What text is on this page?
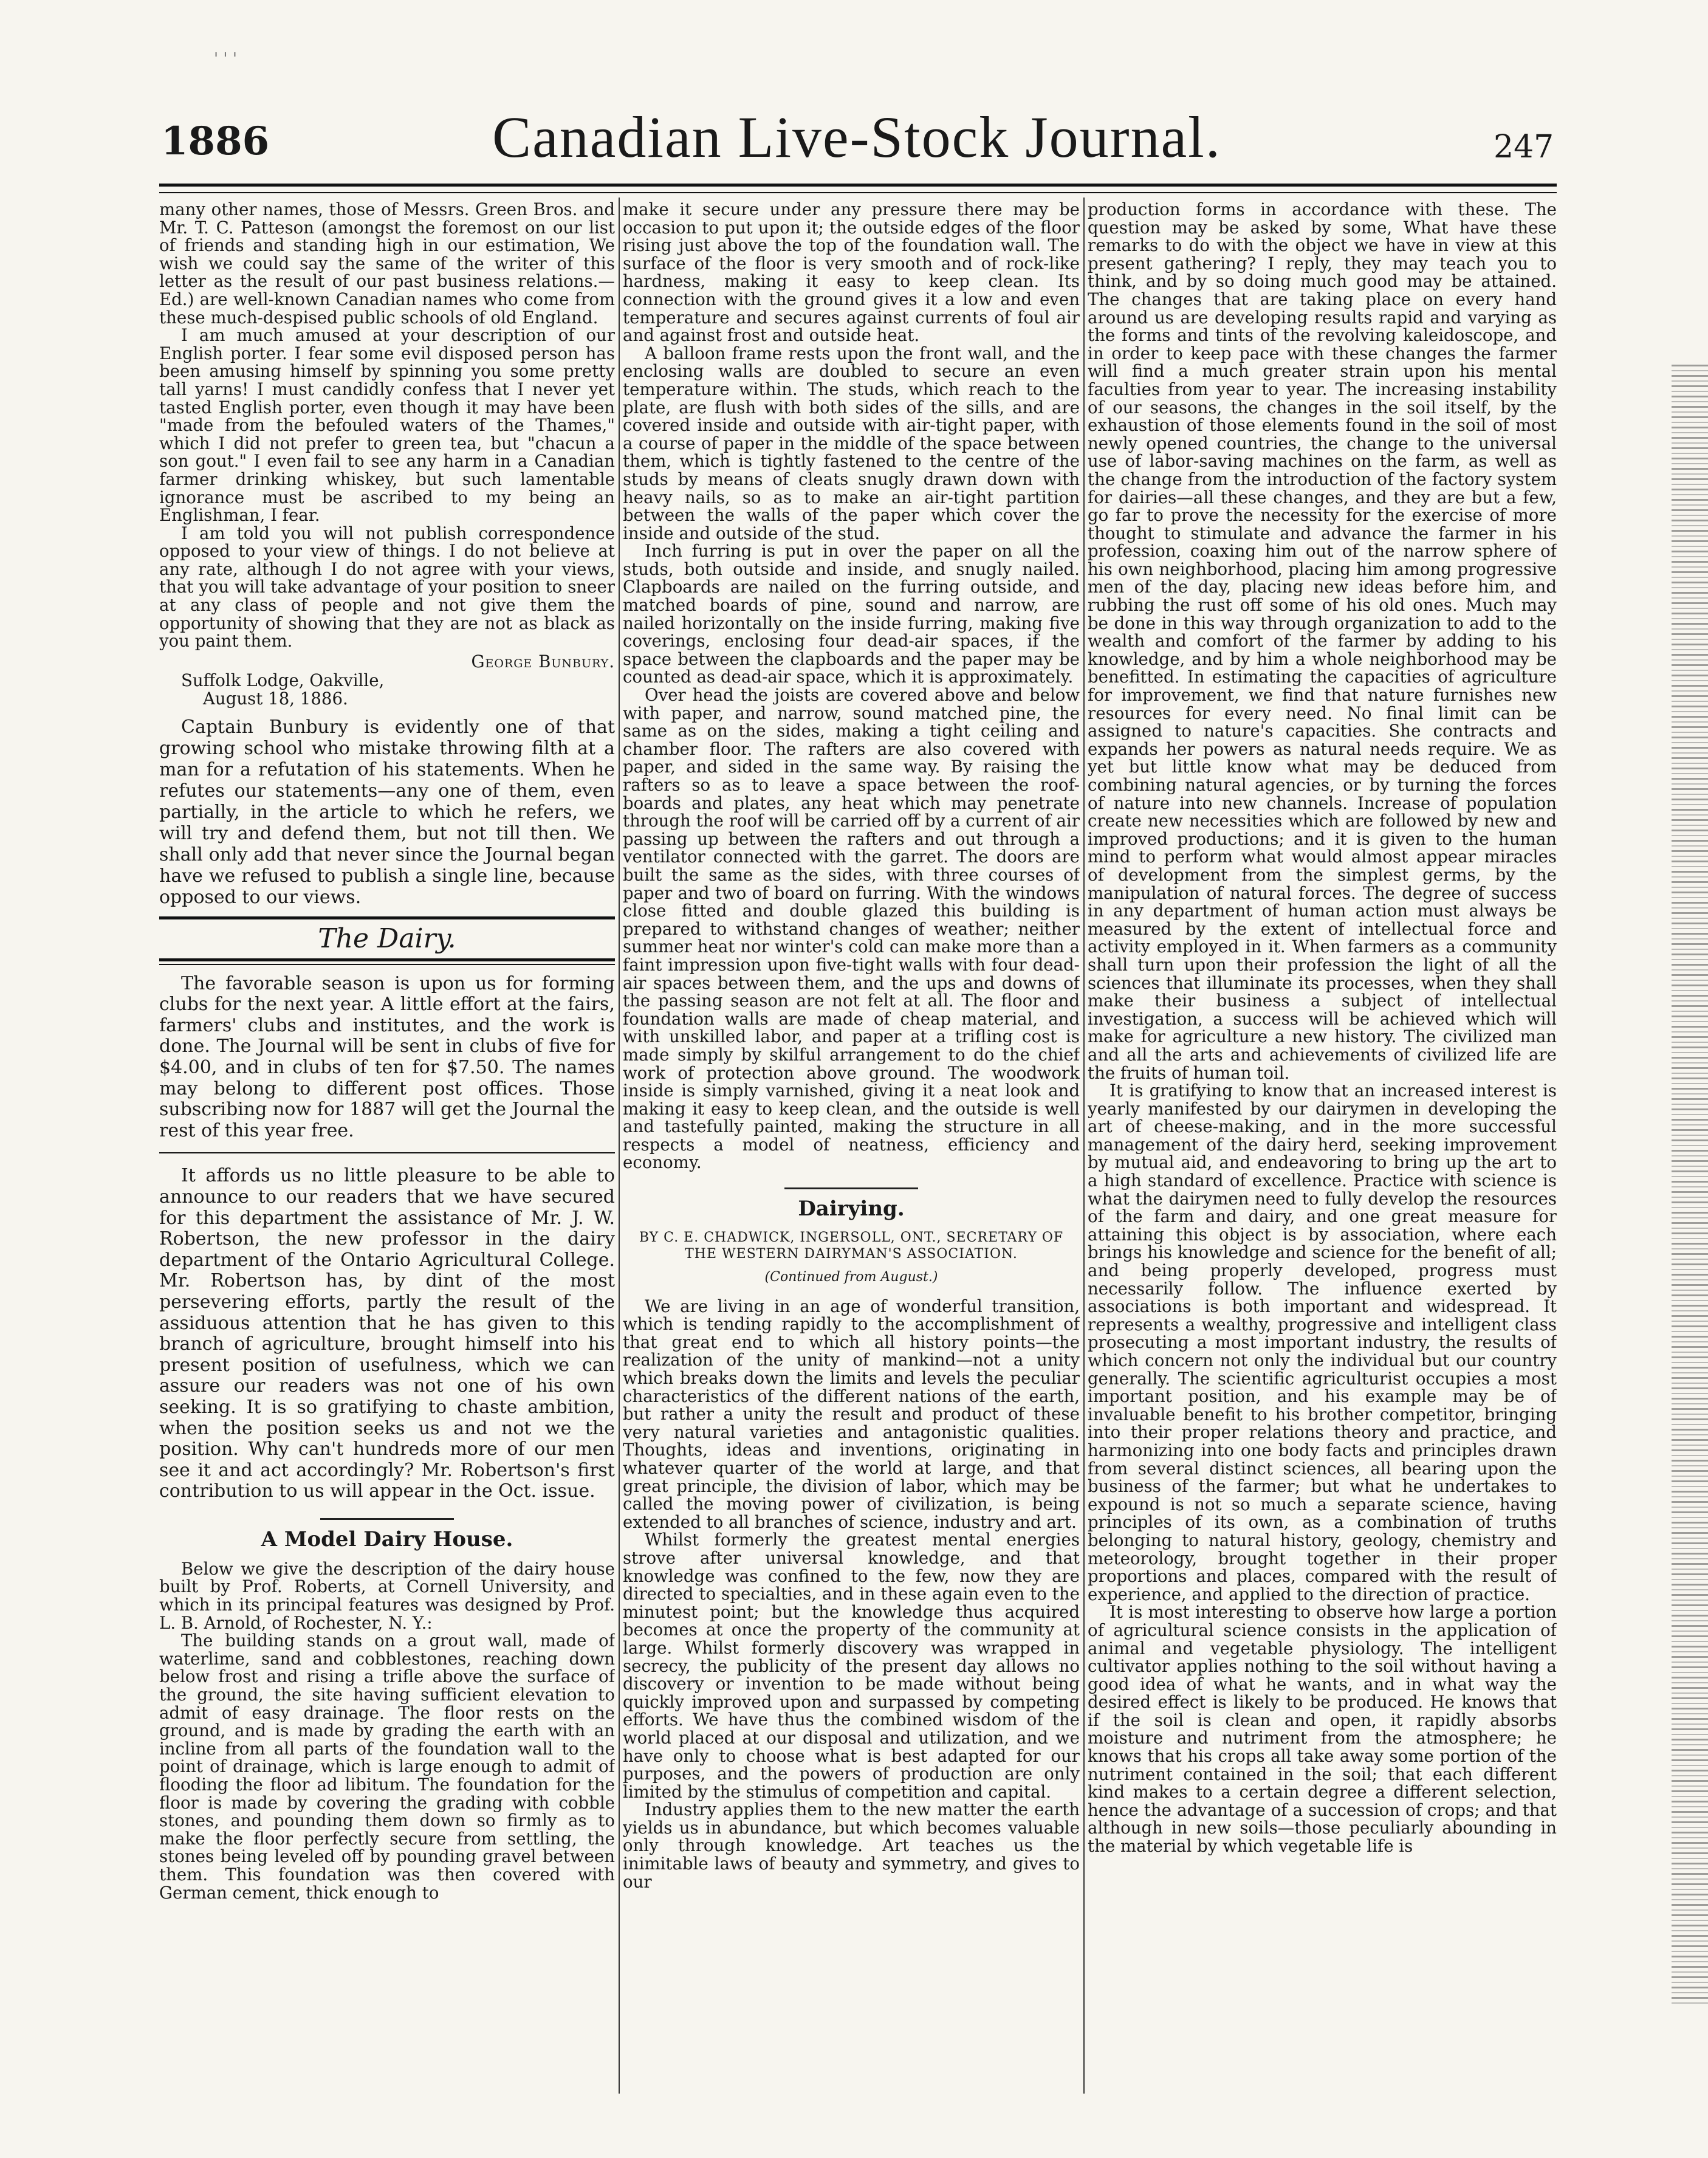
' ' '
1886	Canadian Live-Stock Journal.	247

many other names, those of Messrs. Green Bros. and Mr. T. C. Patteson (amongst the foremost on our list of friends and standing high in our estimation, We wish we could say the same of the writer of this letter as the result of our past business relations.—Ed.) are well-known Canadian names who come from these much-despised public schools of old England.

I am much amused at your description of our English porter. I fear some evil disposed person has been amusing himself by spinning you some pretty tall yarns! I must candidly confess that I never yet tasted English porter, even though it may have been "made from the befouled waters of the Thames," which I did not prefer to green tea, but "chacun a son gout." I even fail to see any harm in a Canadian farmer drinking whiskey, but such lamentable ignorance must be ascribed to my being an Englishman, I fear.

I am told you will not publish correspondence opposed to your view of things. I do not believe at any rate, although I do not agree with your views, that you will take advantage of your position to sneer at any class of people and not give them the opportunity of showing that they are not as black as you paint them.

George Bunbury.

Suffolk Lodge, Oakville,

August 18, 1886.

Captain Bunbury is evidently one of that growing school who mistake throwing filth at a man for a refutation of his statements. When he refutes our statements—any one of them, even partially, in the article to which he refers, we will try and defend them, but not till then. We shall only add that never since the Journal began have we refused to publish a single line, because opposed to our views.

The Dairy.

The favorable season is upon us for forming clubs for the next year. A little effort at the fairs, farmers' clubs and institutes, and the work is done. The Journal will be sent in clubs of five for $4.00, and in clubs of ten for $7.50. The names may belong to different post offices. Those subscribing now for 1887 will get the Journal the rest of this year free.

It affords us no little pleasure to be able to announce to our readers that we have secured for this department the assistance of Mr. J. W. Robertson, the new professor in the dairy department of the Ontario Agricultural College. Mr. Robertson has, by dint of the most persevering efforts, partly the result of the assiduous attention that he has given to this branch of agriculture, brought himself into his present position of usefulness, which we can assure our readers was not one of his own seeking. It is so gratifying to chaste ambition, when the position seeks us and not we the position. Why can't hundreds more of our men see it and act accordingly? Mr. Robertson's first contribution to us will appear in the Oct. issue.

A Model Dairy House.

Below we give the description of the dairy house built by Prof. Roberts, at Cornell University, and which in its principal features was designed by Prof. L. B. Arnold, of Rochester, N. Y.:

The building stands on a grout wall, made of waterlime, sand and cobblestones, reaching down below frost and rising a trifle above the surface of the ground, the site having sufficient elevation to admit of easy drainage. The floor rests on the ground, and is made by grading the earth with an incline from all parts of the foundation wall to the point of drainage, which is large enough to admit of flooding the floor ad libitum. The foundation for the floor is made by covering the grading with cobble stones, and pounding them down so firmly as to make the floor perfectly secure from settling, the stones being leveled off by pounding gravel between them. This foundation was then covered with German cement, thick enough to

make it secure under any pressure there may be occasion to put upon it; the outside edges of the floor rising just above the top of the foundation wall. The surface of the floor is very smooth and of rock-like hardness, making it easy to keep clean. Its connection with the ground gives it a low and even temperature and secures against currents of foul air and against frost and outside heat.

A balloon frame rests upon the front wall, and the enclosing walls are doubled to secure an even temperature within. The studs, which reach to the plate, are flush with both sides of the sills, and are covered inside and outside with air-tight paper, with a course of paper in the middle of the space between them, which is tightly fastened to the centre of the studs by means of cleats snugly drawn down with heavy nails, so as to make an air-tight partition between the walls of the paper which cover the inside and outside of the stud.

Inch furring is put in over the paper on all the studs, both outside and inside, and snugly nailed. Clapboards are nailed on the furring outside, and matched boards of pine, sound and narrow, are nailed horizontally on the inside furring, making five coverings, enclosing four dead-air spaces, if the space between the clapboards and the paper may be counted as dead-air space, which it is approximately.

Over head the joists are covered above and below with paper, and narrow, sound matched pine, the same as on the sides, making a tight ceiling and chamber floor. The rafters are also covered with paper, and sided in the same way. By raising the rafters so as to leave a space between the roof-boards and plates, any heat which may penetrate through the roof will be carried off by a current of air passing up between the rafters and out through a ventilator connected with the garret. The doors are built the same as the sides, with three courses of paper and two of board on furring. With the windows close fitted and double glazed this building is prepared to withstand changes of weather; neither summer heat nor winter's cold can make more than a faint impression upon five-tight walls with four dead-air spaces between them, and the ups and downs of the passing season are not felt at all. The floor and foundation walls are made of cheap material, and with unskilled labor, and paper at a trifling cost is made simply by skilful arrangement to do the chief work of protection above ground. The woodwork inside is simply varnished, giving it a neat look and making it easy to keep clean, and the outside is well and tastefully painted, making the structure in all respects a model of neatness, efficiency and economy.

Dairying.

BY C. E. CHADWICK, INGERSOLL, ONT., SECRETARY OF THE WESTERN DAIRYMAN'S ASSOCIATION.

(Continued from August.)

We are living in an age of wonderful transition, which is tending rapidly to the accomplishment of that great end to which all history points—the realization of the unity of mankind—not a unity which breaks down the limits and levels the peculiar characteristics of the different nations of the earth, but rather a unity the result and product of these very natural varieties and antagonistic qualities. Thoughts, ideas and inventions, originating in whatever quarter of the world at large, and that great principle, the division of labor, which may be called the moving power of civilization, is being extended to all branches of science, industry and art.

Whilst formerly the greatest mental energies strove after universal knowledge, and that knowledge was confined to the few, now they are directed to specialties, and in these again even to the minutest point; but the knowledge thus acquired becomes at once the property of the community at large. Whilst formerly discovery was wrapped in secrecy, the publicity of the present day allows no discovery or invention to be made without being quickly improved upon and surpassed by competing efforts. We have thus the combined wisdom of the world placed at our disposal and utilization, and we have only to choose what is best adapted for our purposes, and the powers of production are only limited by the stimulus of competition and capital.

Industry applies them to the new matter the earth yields us in abundance, but which becomes valuable only through knowledge. Art teaches us the inimitable laws of beauty and symmetry, and gives to our

production forms in accordance with these. The question may be asked by some, What have these remarks to do with the object we have in view at this present gathering? I reply, they may teach you to think, and by so doing much good may be attained. The changes that are taking place on every hand around us are developing results rapid and varying as the forms and tints of the revolving kaleidoscope, and in order to keep pace with these changes the farmer will find a much greater strain upon his mental faculties from year to year. The increasing instability of our seasons, the changes in the soil itself, by the exhaustion of those elements found in the soil of most newly opened countries, the change to the universal use of labor-saving machines on the farm, as well as the change from the introduction of the factory system for dairies—all these changes, and they are but a few, go far to prove the necessity for the exercise of more thought to stimulate and advance the farmer in his profession, coaxing him out of the narrow sphere of his own neighborhood, placing him among progressive men of the day, placing new ideas before him, and rubbing the rust off some of his old ones. Much may be done in this way through organization to add to the wealth and comfort of the farmer by adding to his knowledge, and by him a whole neighborhood may be benefitted. In estimating the capacities of agriculture for improvement, we find that nature furnishes new resources for every need. No final limit can be assigned to nature's capacities. She contracts and expands her powers as natural needs require. We as yet but little know what may be deduced from combining natural agencies, or by turning the forces of nature into new channels. Increase of population create new necessities which are followed by new and improved productions; and it is given to the human mind to perform what would almost appear miracles of development from the simplest germs, by the manipulation of natural forces. The degree of success in any department of human action must always be measured by the extent of intellectual force and activity employed in it. When farmers as a community shall turn upon their profession the light of all the sciences that illuminate its processes, when they shall make their business a subject of intellectual investigation, a success will be achieved which will make for agriculture a new history. The civilized man and all the arts and achievements of civilized life are the fruits of human toil.

It is gratifying to know that an increased interest is yearly manifested by our dairymen in developing the art of cheese-making, and in the more successful management of the dairy herd, seeking improvement by mutual aid, and endeavoring to bring up the art to a high standard of excellence. Practice with science is what the dairymen need to fully develop the resources of the farm and dairy, and one great measure for attaining this object is by association, where each brings his knowledge and science for the benefit of all; and being properly developed, progress must necessarily follow. The influence exerted by associations is both important and widespread. It represents a wealthy, progressive and intelligent class prosecuting a most important industry, the results of which concern not only the individual but our country generally. The scientific agriculturist occupies a most important position, and his example may be of invaluable benefit to his brother competitor, bringing into their proper relations theory and practice, and harmonizing into one body facts and principles drawn from several distinct sciences, all bearing upon the business of the farmer; but what he undertakes to expound is not so much a separate science, having principles of its own, as a combination of truths belonging to natural history, geology, chemistry and meteorology, brought together in their proper proportions and places, compared with the result of experience, and applied to the direction of practice.

It is most interesting to observe how large a portion of agricultural science consists in the application of animal and vegetable physiology. The intelligent cultivator applies nothing to the soil without having a good idea of what he wants, and in what way the desired effect is likely to be produced. He knows that if the soil is clean and open, it rapidly absorbs moisture and nutriment from the atmosphere; he knows that his crops all take away some portion of the nutriment contained in the soil; that each different kind makes to a certain degree a different selection, hence the advantage of a succession of crops; and that although in new soils—those peculiarly abounding in the material by which vegetable life is
